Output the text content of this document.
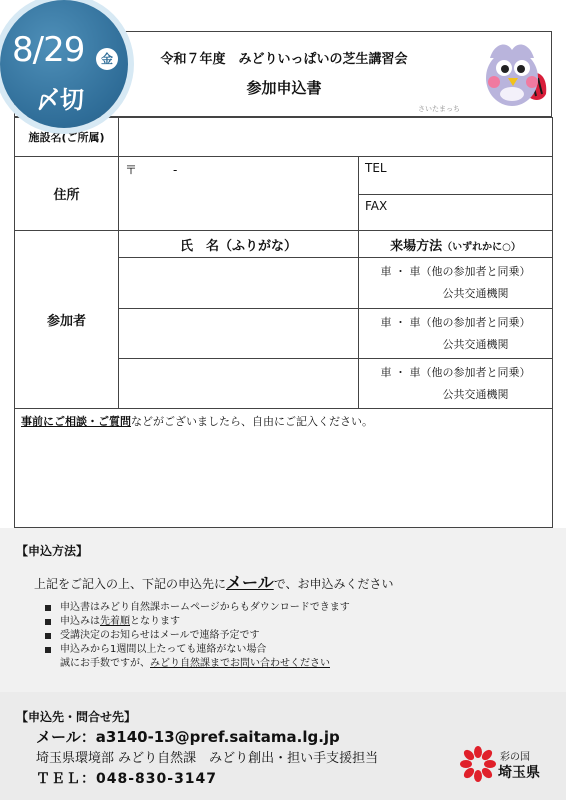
8/29	金
〆切
令和７年度　みどりいっぱいの芝生講習会
参加申込書
さいたまっち
施設名(ご所属)		
住所	〒　　　-	TEL
		FAX
参加者	氏　名（ふりがな）	来場方法（いずれかに○）

		車 ・ 車（他の参加者と同乗）
公共交通機関

		車 ・ 車（他の参加者と同乗）
公共交通機関

		車 ・ 車（他の参加者と同乗）
公共交通機関

事前にご相談・ご質問などがございましたら、自由にご記入ください。		
【申込方法】
上記をご記入の上、下記の申込先にメールで、お申込みください
申込書はみどり自然課ホームページからもダウンロードできます
申込みは先着順となります
受講決定のお知らせはメールで連絡予定です
申込みから1週間以上たっても連絡がない場合
誠にお手数ですが、みどり自然課までお問い合わせください
【申込先・問合せ先】
メール：a3140-13@pref.saitama.lg.jp
埼玉県環境部 みどり自然課　みどり創出・担い手支援担当
ＴＥＬ：048-830-3147
彩の国
埼玉県
